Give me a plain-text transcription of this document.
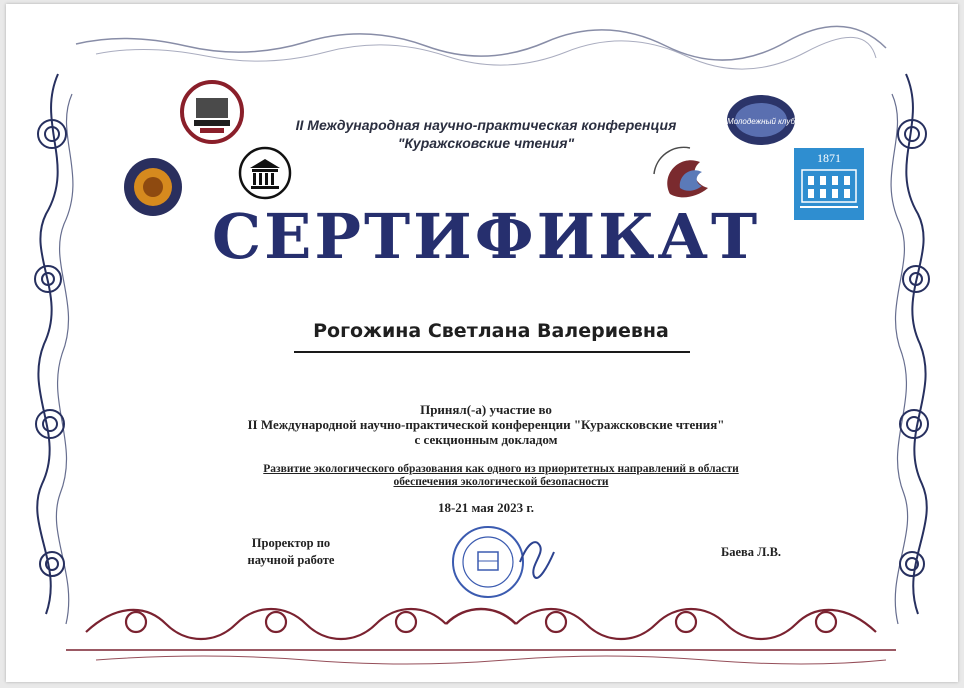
Молодежный клуб
1871
II Международная научно-практическая конференция
"Куражсковские чтения"
СЕРТИФИКАТ
Рогожина Светлана Валериевна
Принял(-а) участие во
II Международной научно-практической конференции "Куражсковские чтения"
с секционным докладом
Развитие экологического образования как одного из приоритетных направлений в области
обеспечения экологической безопасности
18-21 мая 2023 г.
Проректор по
научной работе
Баева Л.В.
